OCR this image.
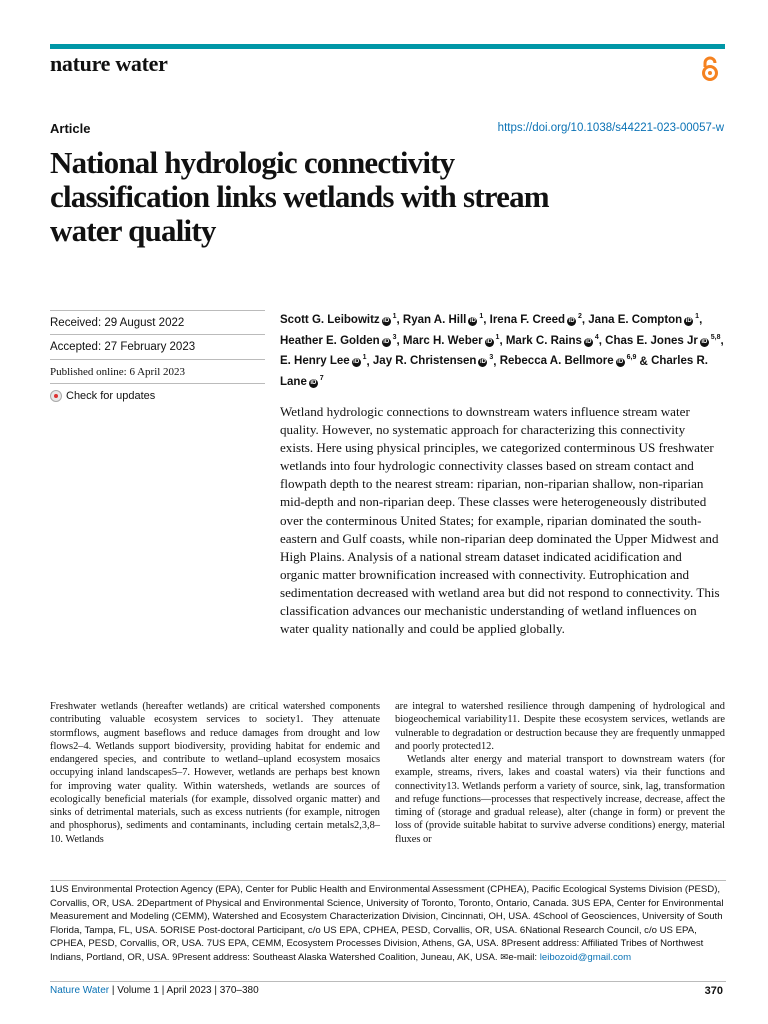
nature water
Article	https://doi.org/10.1038/s44221-023-00057-w
National hydrologic connectivity classification links wetlands with stream water quality
Received: 29 August 2022
Accepted: 27 February 2023
Published online: 6 April 2023
Check for updates
Scott G. Leibowitz iD $^1$, Ryan A. Hill iD $^1$, Irena F. Creed iD $^2$, Jana E. Compton iD $^1$, Heather E. Golden iD $^3$, Marc H. Weber iD $^1$, Mark C. Rains iD $^4$, Chas E. Jones Jr iD $^{5,8}$, E. Henry Lee iD $^1$, Jay R. Christensen iD $^3$, Rebecca A. Bellmore iD $^{6,9}$ & Charles R. Lane iD $^7$

Wetland hydrologic connections to downstream waters influence stream water quality. However, no systematic approach for characterizing this connectivity exists. Here using physical principles, we categorized conterminous US freshwater wetlands into four hydrologic connectivity classes based on stream contact and flowpath depth to the nearest stream: riparian, non-riparian shallow, non-riparian mid-depth and non-riparian deep. These classes were heterogeneously distributed over the conterminous United States; for example, riparian dominated the south-eastern and Gulf coasts, while non-riparian deep dominated the Upper Midwest and High Plains. Analysis of a national stream dataset indicated acidification and organic matter brownification increased with connectivity. Eutrophication and sedimentation decreased with wetland area but did not respond to connectivity. This classification advances our mechanistic understanding of wetland influences on water quality nationally and could be applied globally.

Freshwater wetlands (hereafter wetlands) are critical watershed components contributing valuable ecosystem services to society1. They attenuate stormflows, augment baseflows and reduce damages from drought and low flows2–4. Wetlands support biodiversity, providing habitat for endemic and endangered species, and contribute to wetland–upland ecosystem mosaics occupying inland landscapes5–7. However, wetlands are perhaps best known for improving water quality. Within watersheds, wetlands are sources of ecologically beneficial materials (for example, dissolved organic matter) and sinks of detrimental materials, such as excess nutrients (for example, nitrogen and phosphorus), sediments and contaminants, including certain metals2,3,8–10. Wetlands

are integral to watershed resilience through dampening of hydrological and biogeochemical variability11. Despite these ecosystem services, wetlands are vulnerable to degradation or destruction because they are frequently unmapped and poorly protected12.

Wetlands alter energy and material transport to downstream waters (for example, streams, rivers, lakes and coastal waters) via their functions and connectivity13. Wetlands perform a variety of source, sink, lag, transformation and refuge functions—processes that respectively increase, decrease, affect the timing of (storage and gradual release), alter (change in form) or prevent the loss of (provide suitable habitat to survive adverse conditions) energy, material fluxes or

1US Environmental Protection Agency (EPA), Center for Public Health and Environmental Assessment (CPHEA), Pacific Ecological Systems Division (PESD), Corvallis, OR, USA. 2Department of Physical and Environmental Science, University of Toronto, Toronto, Ontario, Canada. 3US EPA, Center for Environmental Measurement and Modeling (CEMM), Watershed and Ecosystem Characterization Division, Cincinnati, OH, USA. 4School of Geosciences, University of South Florida, Tampa, FL, USA. 5ORISE Post-doctoral Participant, c/o US EPA, CPHEA, PESD, Corvallis, OR, USA. 6National Research Council, c/o US EPA, CPHEA, PESD, Corvallis, OR, USA. 7US EPA, CEMM, Ecosystem Processes Division, Athens, GA, USA. 8Present address: Affiliated Tribes of Northwest Indians, Portland, OR, USA. 9Present address: Southeast Alaska Watershed Coalition, Juneau, AK, USA. ✉e-mail: leibozoid@gmail.com

Nature Water | Volume 1 | April 2023 | 370–380	370
